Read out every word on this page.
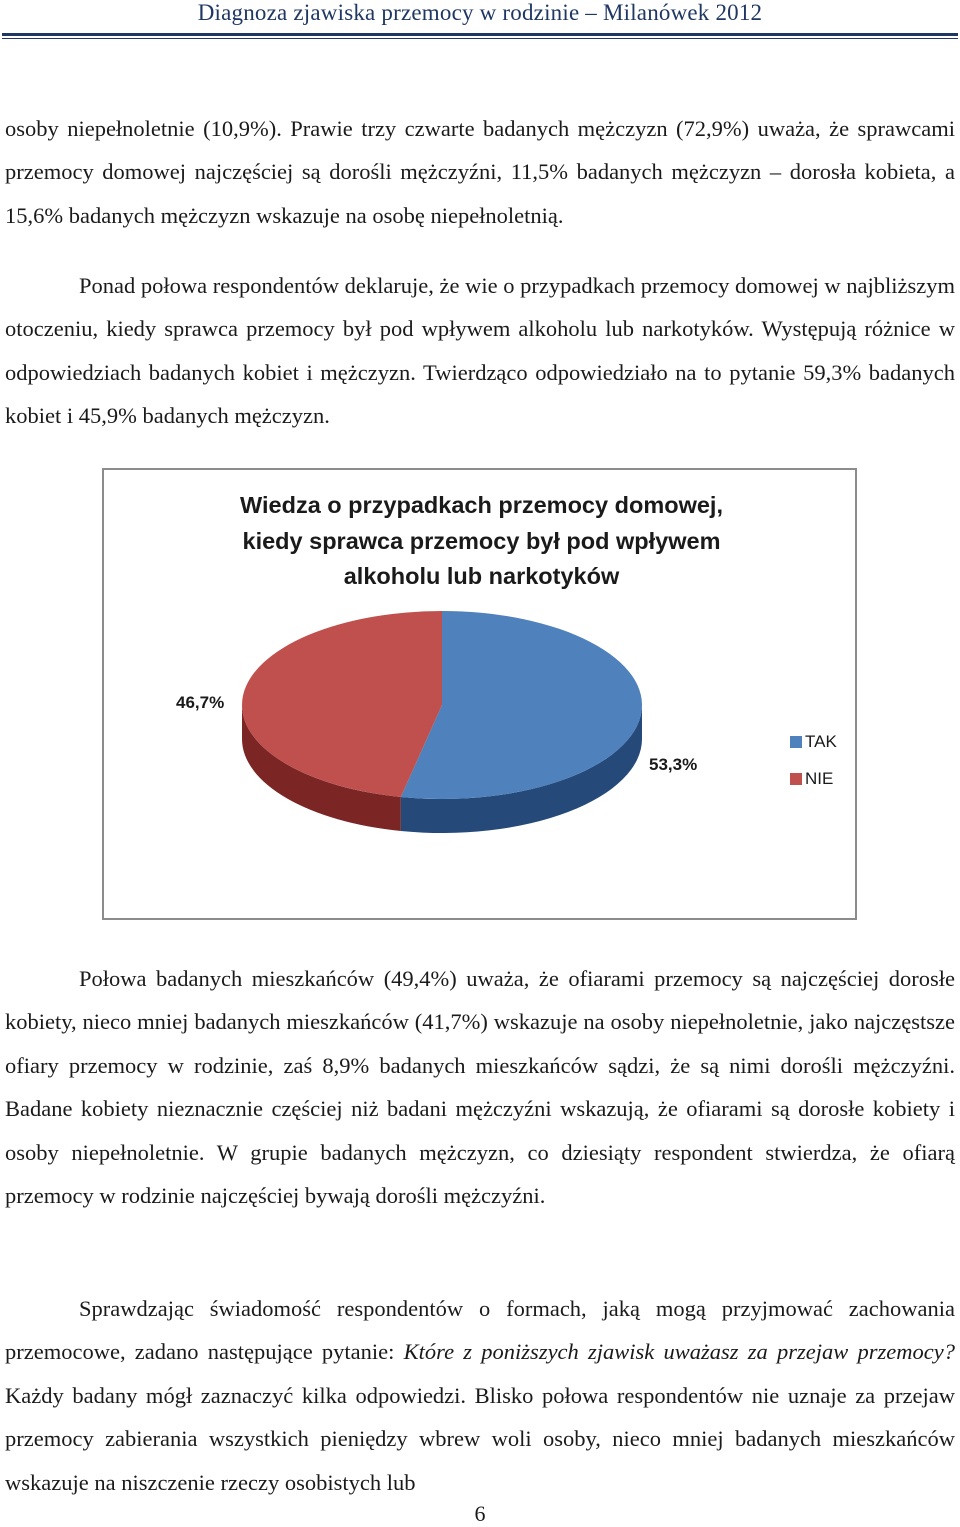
Diagnoza zjawiska przemocy w rodzinie – Milanówek 2012

osoby niepełnoletnie (10,9%). Prawie trzy czwarte badanych mężczyzn (72,9%) uważa, że sprawcami przemocy domowej najczęściej są dorośli mężczyźni, 11,5% badanych mężczyzn – dorosła kobieta, a 15,6% badanych mężczyzn wskazuje na osobę niepełnoletnią.

Ponad połowa respondentów deklaruje, że wie o przypadkach przemocy domowej w najbliższym otoczeniu, kiedy sprawca przemocy był pod wpływem alkoholu lub narkotyków. Występują różnice w odpowiedziach badanych kobiet i mężczyzn. Twierdząco odpowiedziało na to pytanie 59,3% badanych kobiet i 45,9% badanych mężczyzn.

Wiedza o przypadkach przemocy domowej,
kiedy sprawca przemocy był pod wpływem
alkoholu lub narkotyków
53,3%
46,7%
TAK
NIE

Połowa badanych mieszkańców (49,4%) uważa, że ofiarami przemocy są najczęściej dorosłe kobiety, nieco mniej badanych mieszkańców (41,7%) wskazuje na osoby niepełnoletnie, jako najczęstsze ofiary przemocy w rodzinie, zaś 8,9% badanych mieszkańców sądzi, że są nimi dorośli mężczyźni. Badane kobiety nieznacznie częściej niż badani mężczyźni wskazują, że ofiarami są dorosłe kobiety i osoby niepełnoletnie. W grupie badanych mężczyzn, co dziesiąty respondent stwierdza, że ofiarą przemocy w rodzinie najczęściej bywają dorośli mężczyźni.

Sprawdzając świadomość respondentów o formach, jaką mogą przyjmować zachowania przemocowe, zadano następujące pytanie: Które z poniższych zjawisk uważasz za przejaw przemocy? Każdy badany mógł zaznaczyć kilka odpowiedzi. Blisko połowa respondentów nie uznaje za przejaw przemocy zabierania wszystkich pieniędzy wbrew woli osoby, nieco mniej badanych mieszkańców wskazuje na niszczenie rzeczy osobistych lub

6
